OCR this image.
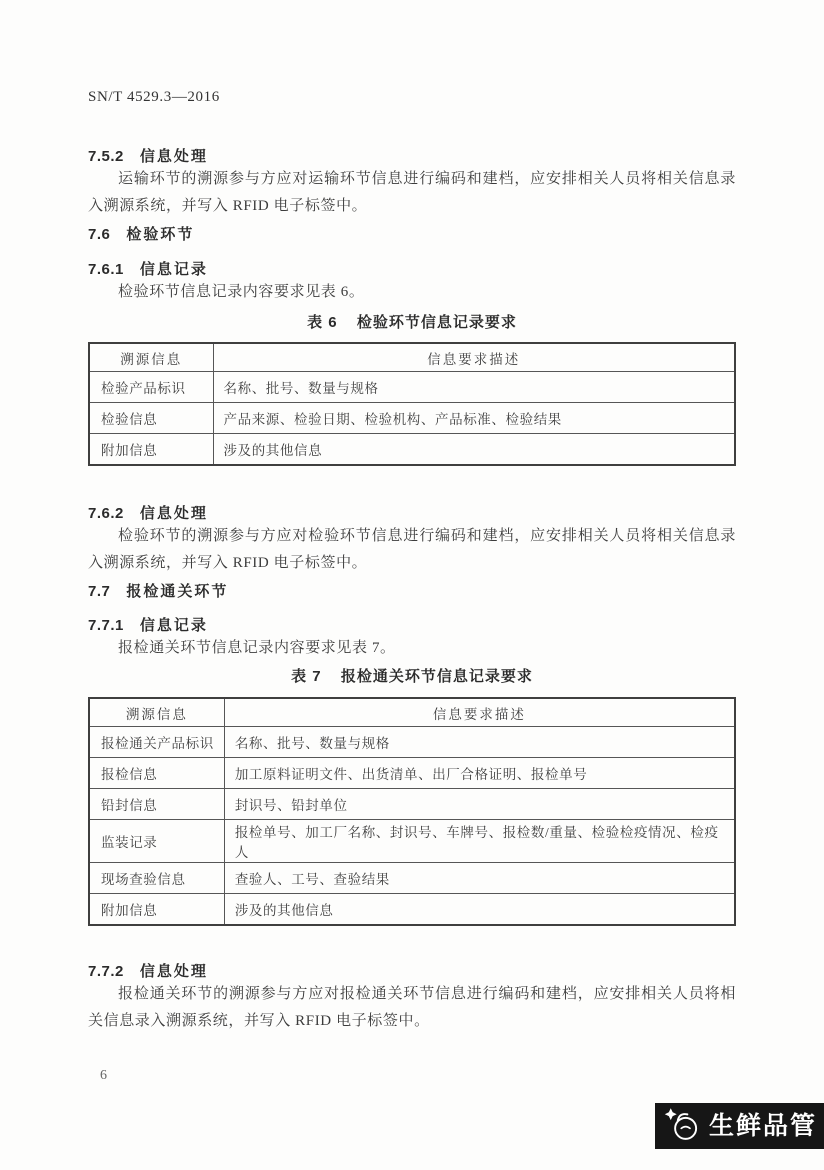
SN/T 4529.3—2016
7.5.2 信息处理

运输环节的溯源参与方应对运输环节信息进行编码和建档，应安排相关人员将相关信息录入溯源系统，并写入 RFID 电子标签中。

7.6 检验环节
7.6.1 信息记录

检验环节信息记录内容要求见表 6。

表 6 检验环节信息记录要求
溯源信息	信息要求描述
检验产品标识	名称、批号、数量与规格
检验信息	产品来源、检验日期、检验机构、产品标准、检验结果
附加信息	涉及的其他信息
7.6.2 信息处理

检验环节的溯源参与方应对检验环节信息进行编码和建档，应安排相关人员将相关信息录入溯源系统，并写入 RFID 电子标签中。

7.7 报检通关环节
7.7.1 信息记录

报检通关环节信息记录内容要求见表 7。

表 7 报检通关环节信息记录要求
溯源信息	信息要求描述
报检通关产品标识	名称、批号、数量与规格
报检信息	加工原料证明文件、出货清单、出厂合格证明、报检单号
铅封信息	封识号、铅封单位
监装记录	报检单号、加工厂名称、封识号、车牌号、报检数/重量、检验检疫情况、检疫人
现场查验信息	查验人、工号、查验结果
附加信息	涉及的其他信息
7.7.2 信息处理

报检通关环节的溯源参与方应对报检通关环节信息进行编码和建档，应安排相关人员将相关信息录入溯源系统，并写入 RFID 电子标签中。

6
生鲜品管
